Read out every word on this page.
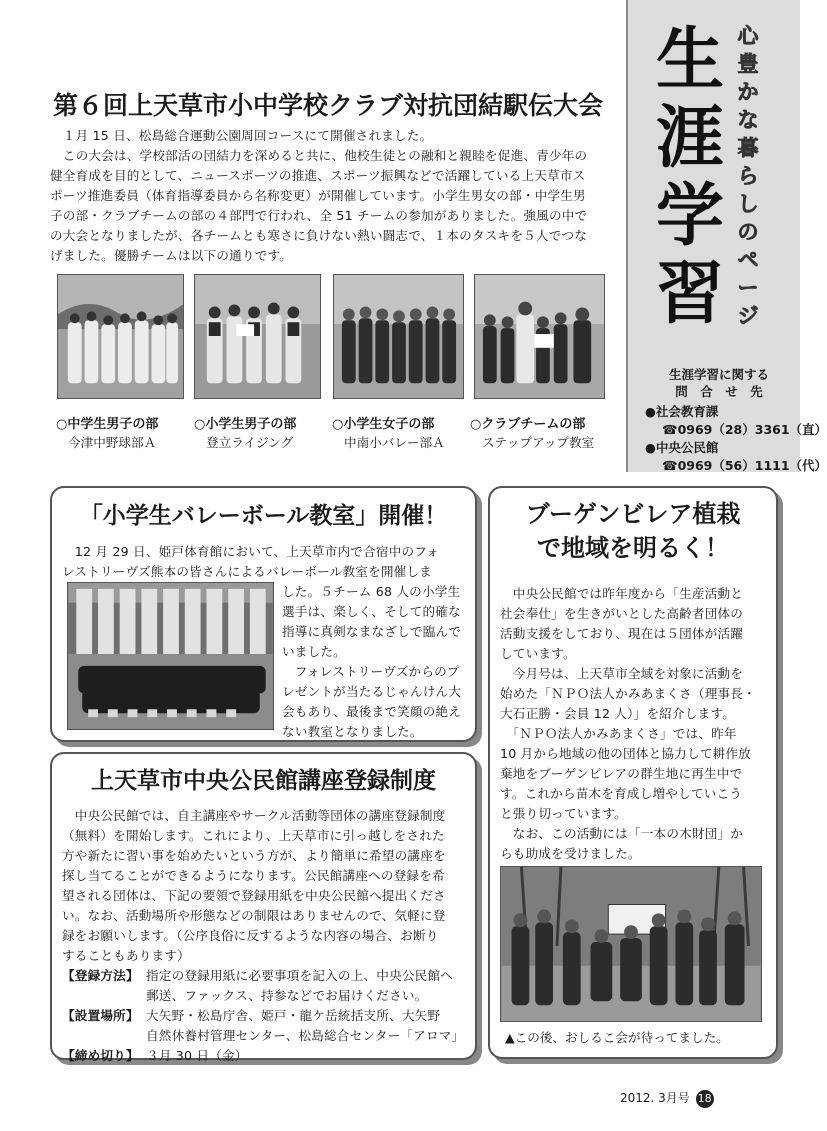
生
涯
学
習
心
豊
か
な
暮
ら
し
の
ペ
ー
ジ
生涯学習に関する
問　合　せ　先
●社会教育課
☎0969（28）3361（直）
●中央公民館
☎0969（56）1111（代）
第６回上天草市小中学校クラブ対抗団結駅伝大会
　１月 15 日、松島総合運動公園周回コースにて開催されました。
　この大会は、学校部活の団結力を深めると共に、他校生徒との融和と親睦を促進、青少年の
健全育成を目的として、ニュースポーツの推進、スポーツ振興などで活躍している上天草市ス
ポーツ推進委員（体育指導委員から名称変更）が開催しています。小学生男女の部・中学生男
子の部・クラブチームの部の４部門で行われ、全 51 チームの参加がありました。強風の中で
の大会となりましたが、各チームとも寒さに負けない熱い闘志で、１本のタスキを５人でつな
げました。優勝チームは以下の通りです。
○中学生男子の部
今津中野球部Ａ
○小学生男子の部
登立ライジング
○小学生女子の部
中南小バレー部Ａ
○クラブチームの部
ステップアップ教室
「小学生バレーボール教室」開催！
　12 月 29 日、姫戸体育館において、上天草市内で合宿中のフォ
レストリーヴズ熊本の皆さんによるバレーボール教室を開催しま
した。５チーム 68 人の小学生
選手は、楽しく、そして的確な
指導に真剣なまなざしで臨んで
いました。
　フォレストリーヴズからのプ
レゼントが当たるじゃんけん大
会もあり、最後まで笑顔の絶え
ない教室となりました。
上天草市中央公民館講座登録制度
　中央公民館では、自主講座やサークル活動等団体の講座登録制度
（無料）を開始します。これにより、上天草市に引っ越しをされた
方や新たに習い事を始めたいという方が、より簡単に希望の講座を
探し当てることができるようになります。公民館講座への登録を希
望される団体は、下記の要領で登録用紙を中央公民館へ提出くださ
い。なお、活動場所や形態などの制限はありませんので、気軽に登
録をお願いします。（公序良俗に反するような内容の場合、お断り
することもあります）
【登録方法】 指定の登録用紙に必要事項を記入の上、中央公民館へ
郵送、ファックス、持参などでお届けください。
【設置場所】 大矢野・松島庁舎、姫戸・龍ケ岳統括支所、大矢野
自然休養村管理センター、松島総合センター「アロマ」
【締め切り】 ３月 30 日（金）
ブーゲンビレア植栽
で地域を明るく！
　中央公民館では昨年度から「生産活動と
社会奉仕」を生きがいとした高齢者団体の
活動支援をしており、現在は５団体が活躍
しています。
　今月号は、上天草市全域を対象に活動を
始めた「ＮＰＯ法人かみあまくさ（理事長・
大石正勝・会員 12 人）」を紹介します。
　「ＮＰＯ法人かみあまくさ」では、昨年
10 月から地域の他の団体と協力して耕作放
棄地をブーゲンビレアの群生地に再生中で
す。これから苗木を育成し増やしていこう
と張り切っています。
　なお、この活動には「一本の木財団」か
らも助成を受けました。
▲この後、おしるこ会が待ってました。
2012. 3月号 18
